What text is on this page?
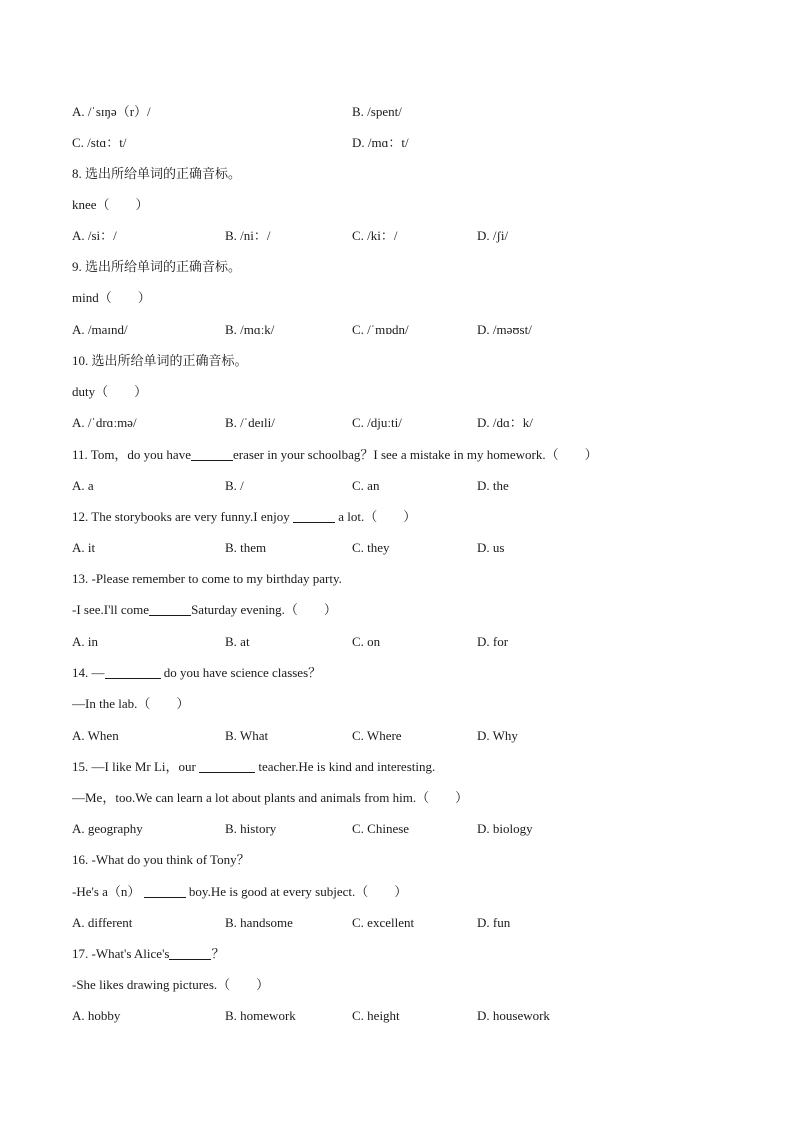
A. /ˈsɪŋə（r）/	B. /spent/
C. /stɑ：t/	D. /mɑ：t/
8. 选出所给单词的正确音标。
knee（　　）
A. /si：/	B. /ni：/	C. /ki：/	D. /ʃi/
9. 选出所给单词的正确音标。
mind（　　）
A. /maɪnd/	B. /mɑːk/	C. /ˈmɒdn/	D. /məʊst/
10. 选出所给单词的正确音标。
duty（　　）
A. /ˈdrɑːmə/	B. /ˈdeɪli/	C. /djuːti/	D. /dɑ：k/
11. Tom，do you have	eraser in your schoolbag？I see a mistake in my homework.（　　）
A. a	B. /	C. an	D. the
12. The storybooks are very funny.I enjoy	a lot.（　　）
A. it	B. them	C. they	D. us
13. -Please remember to come to my birthday party.
-I see.I'll come	Saturday evening.（　　）
A. in	B. at	C. on	D. for
14. —	do you have science classes？
—In the lab.（　　）
A. When	B. What	C. Where	D. Why
15. —I like Mr Li，our	teacher.He is kind and interesting.
—Me，too.We can learn a lot about plants and animals from him.（　　）
A. geography	B. history	C. Chinese	D. biology
16. -What do you think of Tony？
-He's a（n）	boy.He is good at every subject.（　　）
A. different	B. handsome	C. excellent	D. fun
17. -What's Alice's	？
-She likes drawing pictures.（　　）
A. hobby	B. homework	C. height	D. housework
